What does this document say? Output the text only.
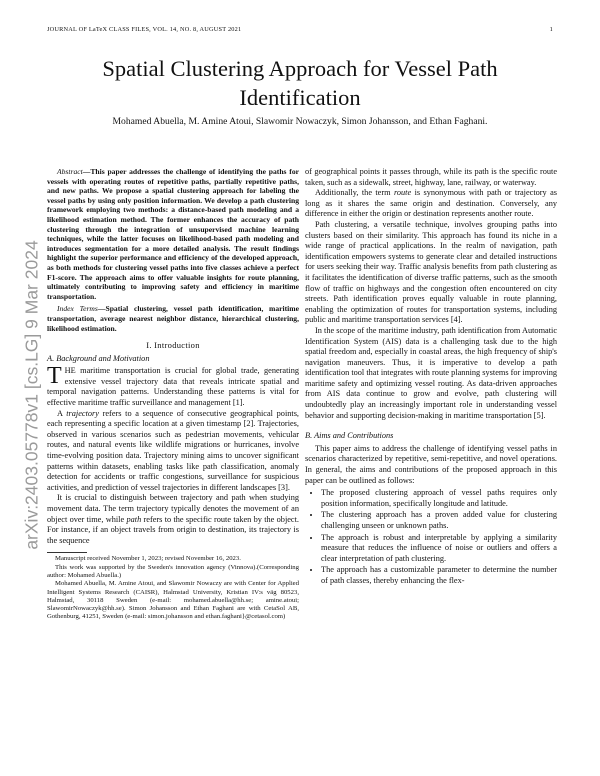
JOURNAL OF LaTeX CLASS FILES, VOL. 14, NO. 8, AUGUST 2021	1
arXiv:2403.05778v1 [cs.LG] 9 Mar 2024
Spatial Clustering Approach for Vessel Path Identification
Mohamed Abuella, M. Amine Atoui, Slawomir Nowaczyk, Simon Johansson, and Ethan Faghani.

Abstract—This paper addresses the challenge of identifying the paths for vessels with operating routes of repetitive paths, partially repetitive paths, and new paths. We propose a spatial clustering approach for labeling the vessel paths by using only position information. We develop a path clustering framework employing two methods: a distance-based path modeling and a likelihood estimation method. The former enhances the accuracy of path clustering through the integration of unsupervised machine learning techniques, while the latter focuses on likelihood-based path modeling and introduces segmentation for a more detailed analysis. The result findings highlight the superior performance and efficiency of the developed approach, as both methods for clustering vessel paths into five classes achieve a perfect F1-score. The approach aims to offer valuable insights for route planning, ultimately contributing to improving safety and efficiency in maritime transportation.

Index Terms—Spatial clustering, vessel path identification, maritime transportation, average nearest neighbor distance, hierarchical clustering, likelihood estimation.

I. Introduction
A. Background and Motivation

THE maritime transportation is crucial for global trade, generating extensive vessel trajectory data that reveals intricate spatial and temporal navigation patterns. Understanding these patterns is vital for effective maritime traffic surveillance and management [1].

A trajectory refers to a sequence of consecutive geographical points, each representing a specific location at a given timestamp [2]. Trajectories, observed in various scenarios such as pedestrian movements, vehicular routes, and natural events like wildlife migrations or hurricanes, involve time-evolving position data. Trajectory mining aims to uncover significant patterns within datasets, enabling tasks like path classification, anomaly detection for accidents or traffic congestions, surveillance for suspicious activities, and prediction of vessel trajectories in different landscapes [3].

It is crucial to distinguish between trajectory and path when studying movement data. The term trajectory typically denotes the movement of an object over time, while path refers to the specific route taken by the object. For instance, if an object travels from origin to destination, its trajectory is the sequence

Manuscript received November 1, 2023; revised November 16, 2023.

This work was supported by the Sweden's innovation agency (Vinnova).(Corresponding author: Mohamed Abuella.)

Mohamed Abuella, M. Amine Atoui, and Slawomir Nowaczy are with Center for Applied Intelligent Systems Research (CAISR), Halmstad University, Kristian IV:s väg 80523, Halmstad, 30118 Sweden (e-mail: mohamed.abuella@hh.se; amine.atoui; SlawomirNowaczyk@hh.se). Simon Johansson and Ethan Faghani are with CetaSol AB, Gothenburg, 41251, Sweden (e-mail: simon.johansson and ethan.faghani}@cetasol.com)

of geographical points it passes through, while its path is the specific route taken, such as a sidewalk, street, highway, lane, railway, or waterway.

Additionally, the term route is synonymous with path or trajectory as long as it shares the same origin and destination. Conversely, any difference in either the origin or destination represents another route.

Path clustering, a versatile technique, involves grouping paths into clusters based on their similarity. This approach has found its niche in a wide range of practical applications. In the realm of navigation, path identification empowers systems to generate clear and detailed instructions for users seeking their way. Traffic analysis benefits from path clustering as it facilitates the identification of diverse traffic patterns, such as the smooth flow of traffic on highways and the congestion often encountered on city streets. Path identification proves equally valuable in route planning, enabling the optimization of routes for transportation systems, including public and maritime transportation services [4].

In the scope of the maritime industry, path identification from Automatic Identification System (AIS) data is a challenging task due to the high spatial freedom and, especially in coastal areas, the high frequency of ship's navigation maneuvers. Thus, it is imperative to develop a path identification tool that integrates with route planning systems for improving maritime safety and optimizing vessel routing. As data-driven approaches from AIS data continue to grow and evolve, path clustering will undoubtedly play an increasingly important role in understanding vessel behavior and supporting decision-making in maritime transportation [5].

B. Aims and Contributions

This paper aims to address the challenge of identifying vessel paths in scenarios characterized by repetitive, semi-repetitive, and novel operations. In general, the aims and contributions of the proposed approach in this paper can be outlined as follows:

• The proposed clustering approach of vessel paths requires only position information, specifically longitude and latitude.
• The clustering approach has a proven added value for clustering challenging unseen or unknown paths.
• The approach is robust and interpretable by applying a similarity measure that reduces the influence of noise or outliers and offers a clear interpretation of path clustering.
• The approach has a customizable parameter to determine the number of path classes, thereby enhancing the flex-
